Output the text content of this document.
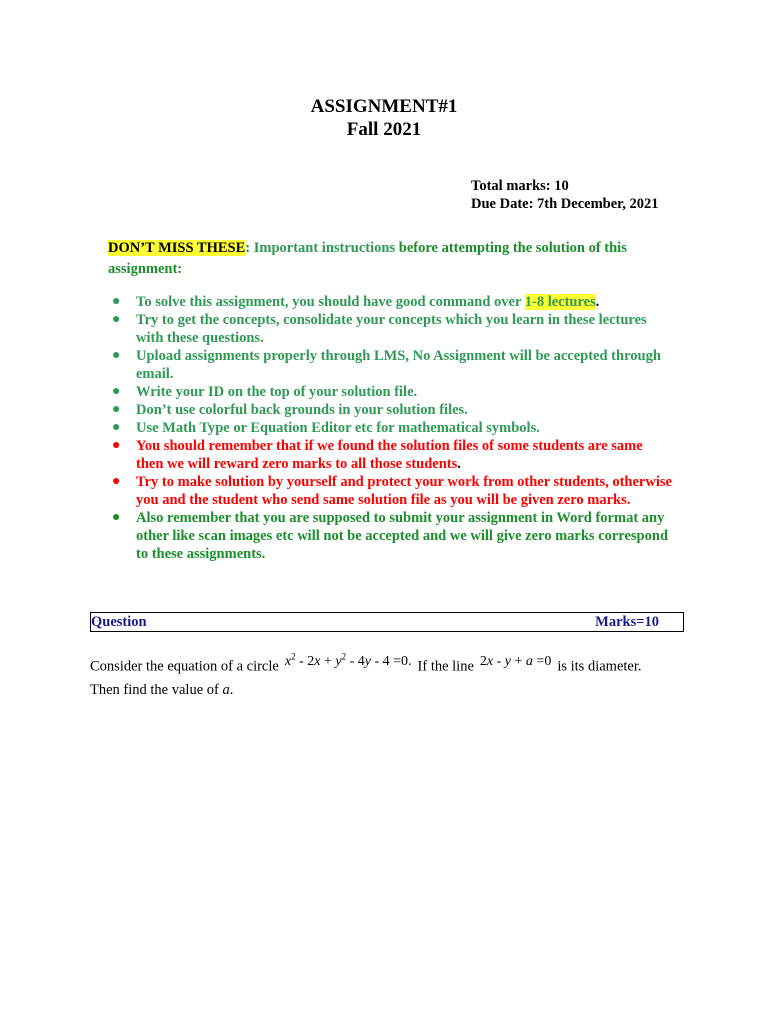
ASSIGNMENT#1
Fall 2021
Total marks: 10
Due Date: 7th December, 2021
DON’T MISS THESE: Important instructions before attempting the solution of this assignment:
● To solve this assignment, you should have good command over 1-8 lectures.
● Try to get the concepts, consolidate your concepts which you learn in these lectures with these questions.
● Upload assignments properly through LMS, No Assignment will be accepted through email.
● Write your ID on the top of your solution file.
● Don’t use colorful back grounds in your solution files.
● Use Math Type or Equation Editor etc for mathematical symbols.
● You should remember that if we found the solution files of some students are same then we will reward zero marks to all those students.
● Try to make solution by yourself and protect your work from other students, otherwise you and the student who send same solution file as you will be given zero marks.
● Also remember that you are supposed to submit your assignment in Word format any other like scan images etc will not be accepted and we will give zero marks correspond to these assignments.
Question	Marks=10
Consider the equation of a circle $x^2 - 2x + y^2 - 4y - 4 =0$. If the line 2x - y + a =0 is its diameter. Then find the value of a.
